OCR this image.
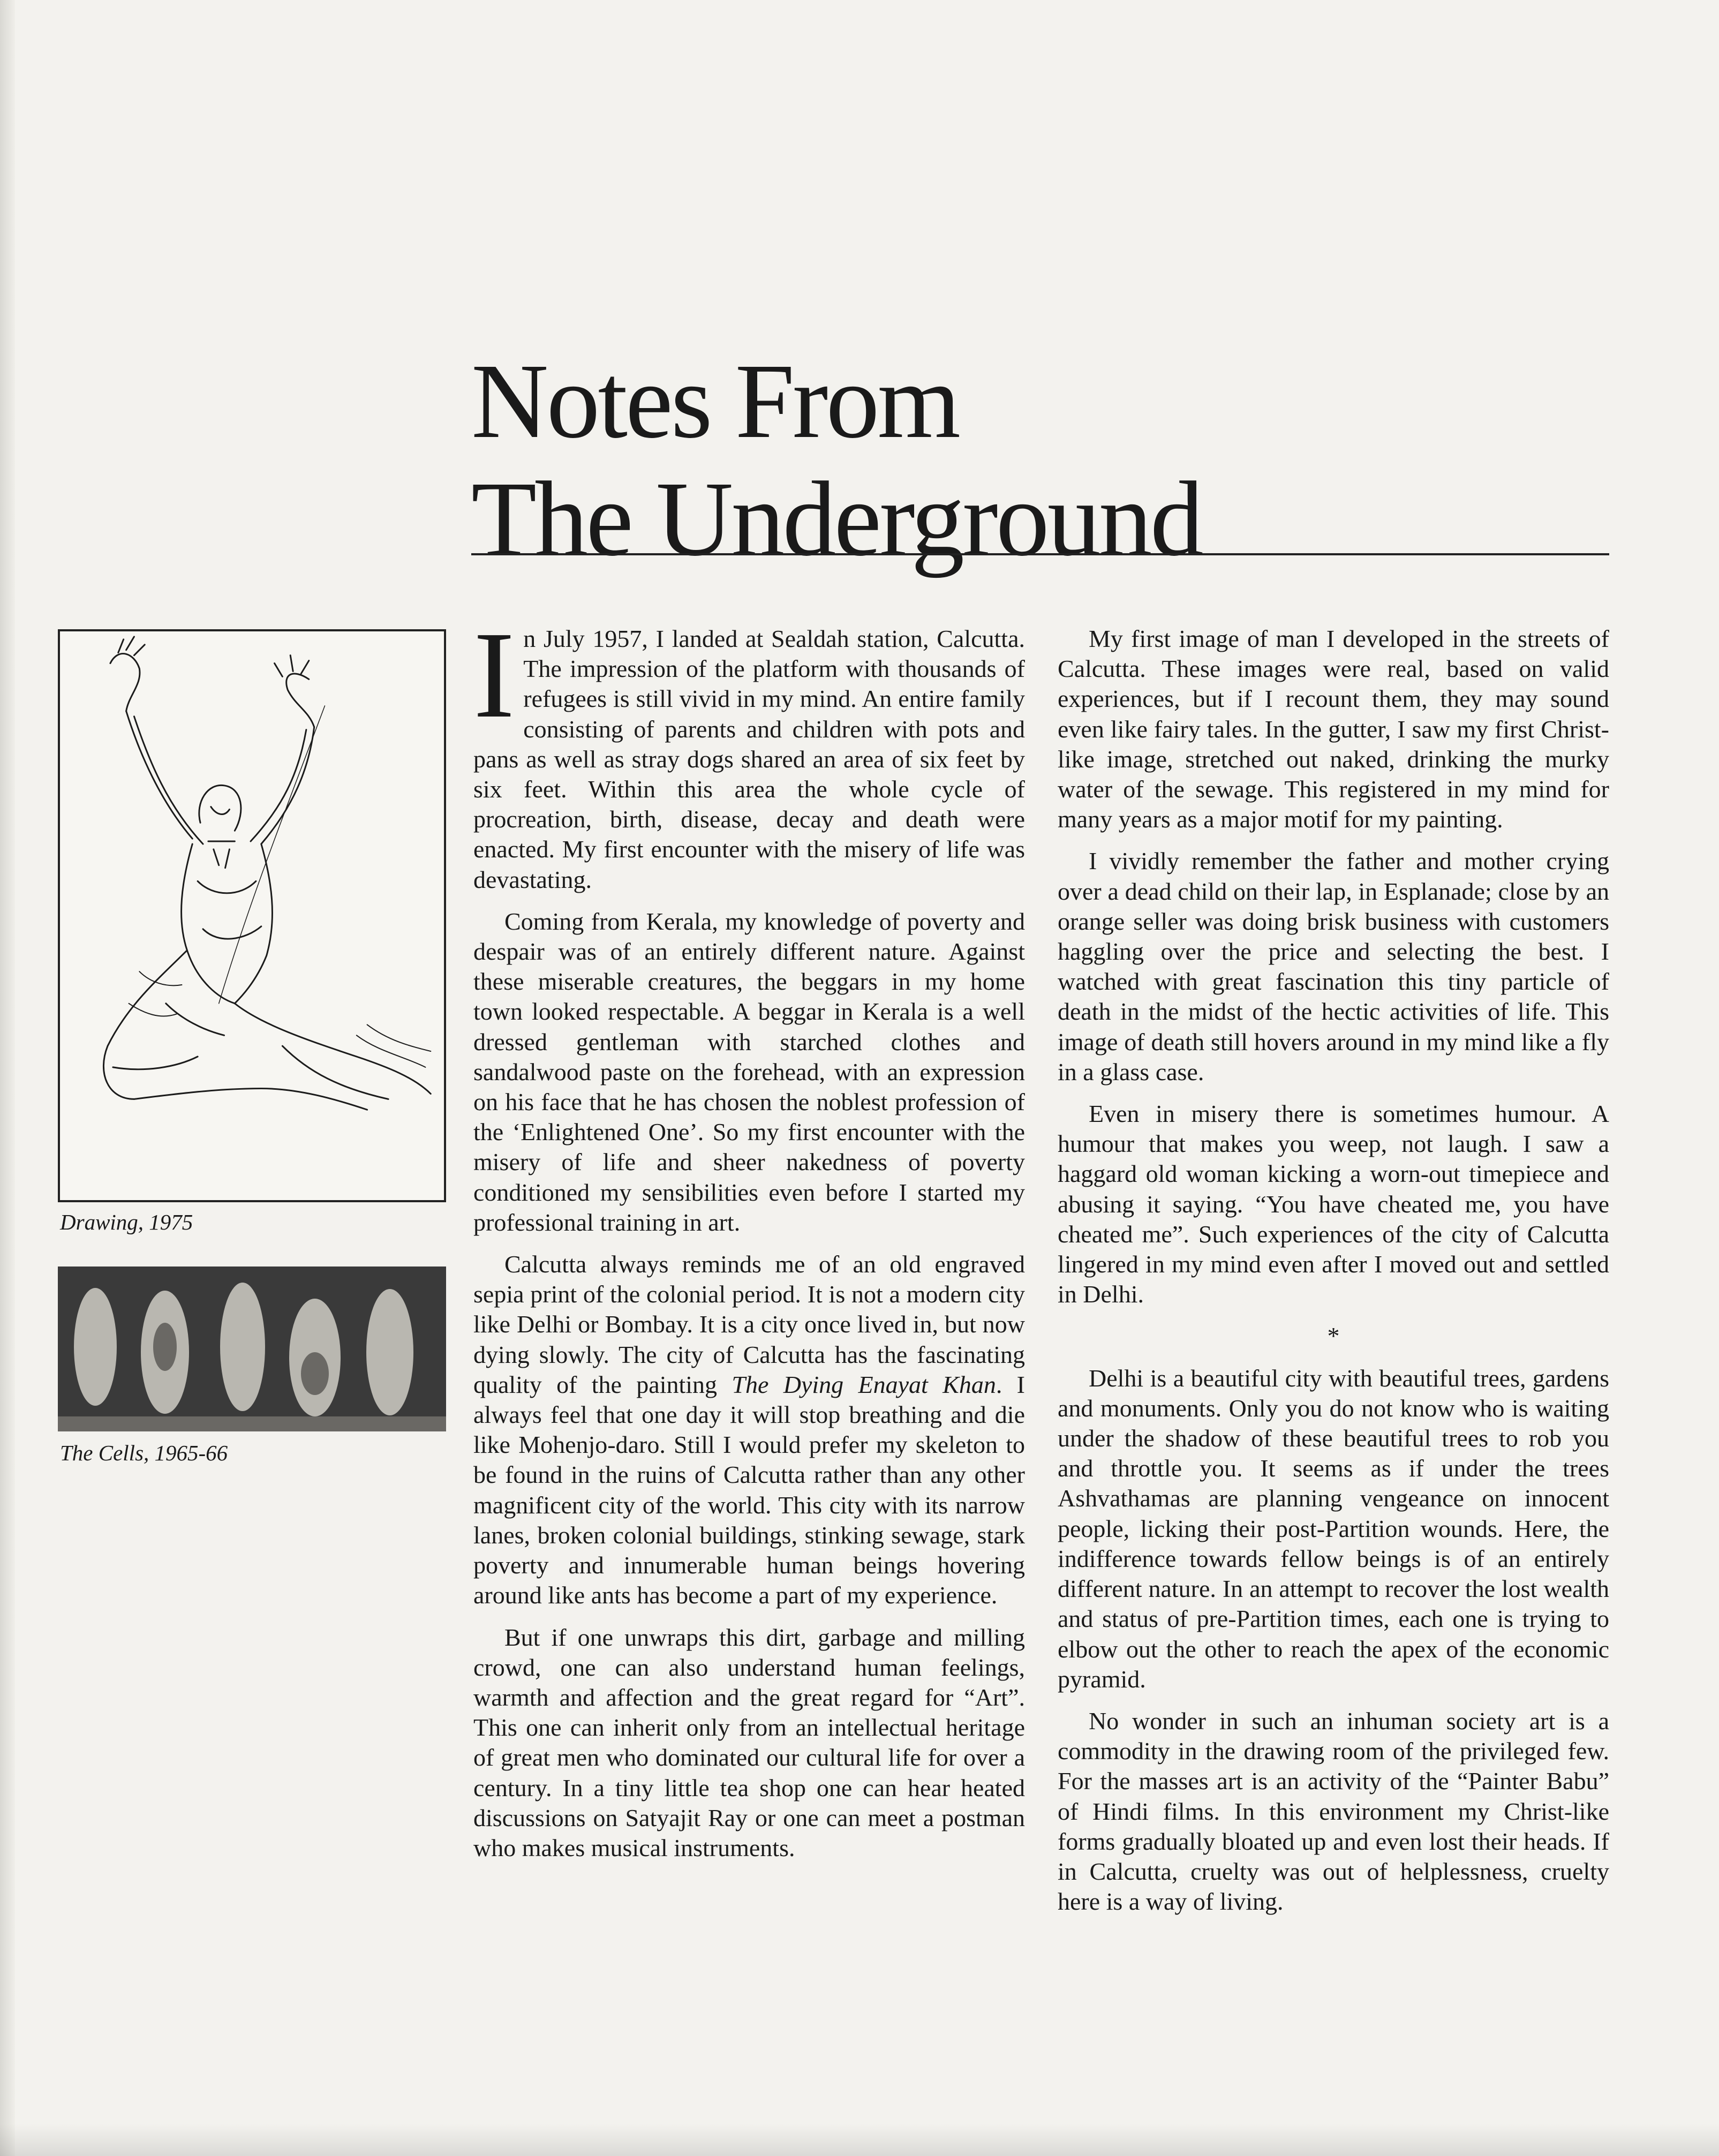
Notes From
The Underground
Drawing, 1975
The Cells, 1965-66

In July 1957, I landed at Sealdah station, Calcutta. The impression of the platform with thousands of refugees is still vivid in my mind. An entire family consisting of parents and children with pots and pans as well as stray dogs shared an area of six feet by six feet. Within this area the whole cycle of procreation, birth, disease, decay and death were enacted. My first encounter with the misery of life was devastating.

Coming from Kerala, my knowledge of poverty and despair was of an entirely different nature. Against these miserable creatures, the beggars in my home town looked respectable. A beggar in Kerala is a well dressed gentleman with starched clothes and sandalwood paste on the forehead, with an expression on his face that he has chosen the noblest profession of the ‘Enlightened One’. So my first encounter with the misery of life and sheer nakedness of poverty conditioned my sensibilities even before I started my professional training in art.

Calcutta always reminds me of an old engraved sepia print of the colonial period. It is not a modern city like Delhi or Bombay. It is a city once lived in, but now dying slowly. The city of Calcutta has the fascinating quality of the painting The Dying Enayat Khan. I always feel that one day it will stop breathing and die like Mohenjo-daro. Still I would prefer my skeleton to be found in the ruins of Calcutta rather than any other magnificent city of the world. This city with its narrow lanes, broken colonial buildings, stinking sewage, stark poverty and innumerable human beings hovering around like ants has become a part of my experience.

But if one unwraps this dirt, garbage and milling crowd, one can also understand human feelings, warmth and affection and the great regard for “Art”. This one can inherit only from an intellectual heritage of great men who dominated our cultural life for over a century. In a tiny little tea shop one can hear heated discussions on Satyajit Ray or one can meet a postman who makes musical instruments.

My first image of man I developed in the streets of Calcutta. These images were real, based on valid experiences, but if I recount them, they may sound even like fairy tales. In the gutter, I saw my first Christ-like image, stretched out naked, drinking the murky water of the sewage. This registered in my mind for many years as a major motif for my painting.

I vividly remember the father and mother crying over a dead child on their lap, in Esplanade; close by an orange seller was doing brisk business with customers haggling over the price and selecting the best. I watched with great fascination this tiny particle of death in the midst of the hectic activities of life. This image of death still hovers around in my mind like a fly in a glass case.

Even in misery there is sometimes humour. A humour that makes you weep, not laugh. I saw a haggard old woman kicking a worn-out timepiece and abusing it saying. “You have cheated me, you have cheated me”. Such experiences of the city of Calcutta lingered in my mind even after I moved out and settled in Delhi.

*

Delhi is a beautiful city with beautiful trees, gardens and monuments. Only you do not know who is waiting under the shadow of these beautiful trees to rob you and throttle you. It seems as if under the trees Ashvathamas are planning vengeance on innocent people, licking their post-Partition wounds. Here, the indifference towards fellow beings is of an entirely different nature. In an attempt to recover the lost wealth and status of pre-Partition times, each one is trying to elbow out the other to reach the apex of the economic pyramid.

No wonder in such an inhuman society art is a commodity in the drawing room of the privileged few. For the masses art is an activity of the “Painter Babu” of Hindi films. In this environment my Christ-like forms gradually bloated up and even lost their heads. If in Calcutta, cruelty was out of helplessness, cruelty here is a way of living.
